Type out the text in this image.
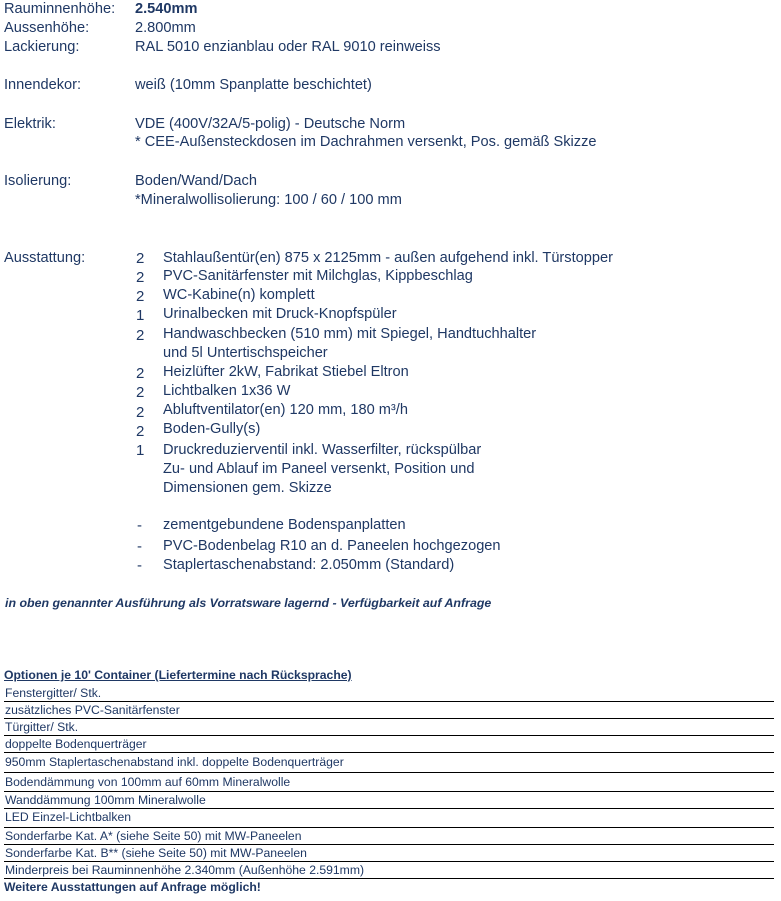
Rauminnenhöhe: 2.540mm
Aussenhöhe:	2.800mm
Lackierung:	RAL 5010 enzianblau oder RAL 9010 reinweiss
Innendekor:	weiß (10mm Spanplatte beschichtet)
Elektrik:	VDE (400V/32A/5-polig) - Deutsche Norm
* CEE-Außensteckdosen im Dachrahmen versenkt, Pos. gemäß Skizze
Isolierung:	Boden/Wand/Dach
*Mineralwollisolierung: 100 / 60 / 100 mm
Ausstattung:	2	Stahlaußentür(en) 875 x 2125mm - außen aufgehend inkl. Türstopper
2	PVC-Sanitärfenster mit Milchglas, Kippbeschlag
2	WC-Kabine(n) komplett
1	Urinalbecken mit Druck-Knopfspüler
2	Handwaschbecken (510 mm) mit Spiegel, Handtuchhalter
und 5l Untertischspeicher
2	Heizlüfter 2kW, Fabrikat Stiebel Eltron
2	Lichtbalken 1x36 W
2	Abluftventilator(en) 120 mm, 180 m³/h
2	Boden-Gully(s)
1	Druckreduzierventil inkl. Wasserfilter, rückspülbar
Zu- und Ablauf im Paneel versenkt, Position und
Dimensionen gem. Skizze
-	zementgebundene Bodenspanplatten
-	PVC-Bodenbelag R10 an d. Paneelen hochgezogen
-	Staplertaschenabstand: 2.050mm (Standard)
in oben genannter Ausführung als Vorratsware lagernd - Verfügbarkeit auf Anfrage
Optionen je 10' Container (Liefertermine nach Rücksprache)
Fenstergitter/ Stk.
zusätzliches PVC-Sanitärfenster
Türgitter/ Stk.
doppelte Bodenquerträger
950mm Staplertaschenabstand inkl. doppelte Bodenquerträger
Bodendämmung von 100mm auf 60mm Mineralwolle
Wanddämmung 100mm Mineralwolle
LED Einzel-Lichtbalken
Sonderfarbe Kat. A* (siehe Seite 50) mit MW-Paneelen
Sonderfarbe Kat. B** (siehe Seite 50) mit MW-Paneelen
Minderpreis bei Rauminnenhöhe 2.340mm (Außenhöhe 2.591mm)
Weitere Ausstattungen auf Anfrage möglich!
